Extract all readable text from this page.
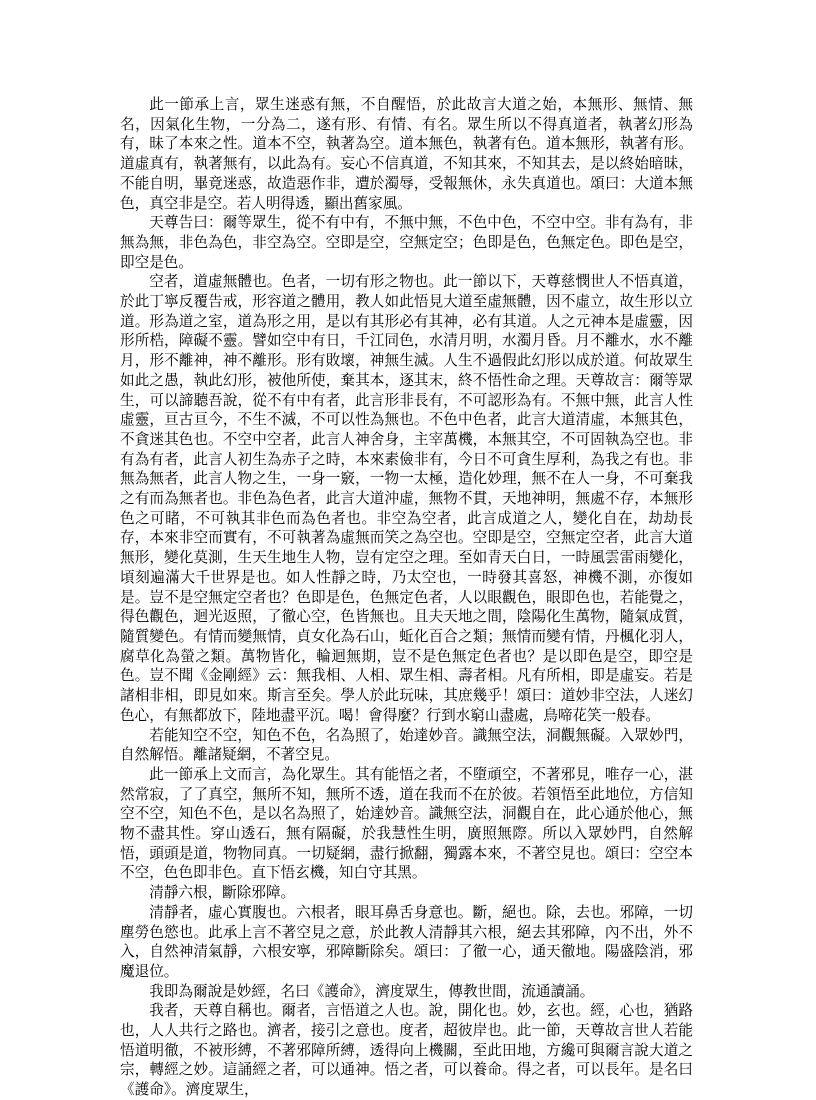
此一節承上言，眾生迷惑有無，不自醒悟，於此故言大道之始，本無形、無情、無名，因氣化生物，一分為二，遂有形、有情、有名。眾生所以不得真道者，執著幻形為有，昧了本來之性。道本不空，執著為空。道本無色，執著有色。道本無形，執著有形。道虛真有，執著無有，以此為有。妄心不信真道，不知其來，不知其去，是以終始暗昧，不能自明，畢竟迷惑，故造惡作非，遭於濁辱，受報無休，永失真道也。頌曰：大道本無色，真空非是空。若人明得透，顯出舊家風。

天尊告曰：爾等眾生，從不有中有，不無中無，不色中色，不空中空。非有為有，非無為無，非色為色，非空為空。空即是空，空無定空；色即是色，色無定色。即色是空，即空是色。

空者，道虛無體也。色者，一切有形之物也。此一節以下，天尊慈憫世人不悟真道，於此丁寧反覆告戒，形容道之體用，教人如此悟見大道至虛無體，因不虛立，故生形以立道。形為道之室，道為形之用，是以有其形必有其神，必有其道。人之元神本是虛靈，因形所梏，障礙不靈。譬如空中有日，千江同色，水清月明，水濁月昏。月不離水，水不離月，形不離神，神不離形。形有敗壞，神無生滅。人生不過假此幻形以成於道。何故眾生如此之愚，執此幻形，被他所使，棄其本，逐其末，終不悟性命之理。天尊故言：爾等眾生，可以諦聽吾說，從不有中有者，此言形非長有，不可認形為有。不無中無，此言人性虛靈，亘古亘今，不生不滅，不可以性為無也。不色中色者，此言大道清虛，本無其色，不貪迷其色也。不空中空者，此言人神舍身，主宰萬機，本無其空，不可固執為空也。非有為有者，此言人初生為赤子之時，本來素儉非有，今日不可貪生厚利，為我之有也。非無為無者，此言人物之生，一身一竅，一物一太極，造化妙理，無不在人一身，不可棄我之有而為無者也。非色為色者，此言大道沖虛，無物不貫，天地神明，無處不存，本無形色之可睹，不可執其非色而為色者也。非空為空者，此言成道之人，變化自在，劫劫長存，本來非空而實有，不可執著為虛無而笑之為空也。空即是空，空無定空者，此言大道無形，變化莫測，生天生地生人物，豈有定空之理。至如青天白日，一時風雲雷雨變化，頃刻遍滿大千世界是也。如人性靜之時，乃太空也，一時發其喜怒，神機不測，亦復如是。豈不是空無定空者也？色即是色，色無定色者，人以眼觀色，眼即色也，若能覺之，得色觀色，迴光返照，了徹心空，色皆無也。且夫天地之間，陰陽化生萬物，隨氣成質，隨質變色。有情而變無情，貞女化為石山，蚯化百合之類；無情而變有情，丹楓化羽人，腐草化為螢之類。萬物皆化，輪迴無期，豈不是色無定色者也？是以即色是空，即空是色。豈不聞《金剛經》云：無我相、人相、眾生相、壽者相。凡有所相，即是虛妄。若是諸相非相，即見如來。斯言至矣。學人於此玩味，其庶幾乎！頌曰：道妙非空法，人迷幻色心，有無都放下，陸地盡平沉。喝！會得麼？行到水窮山盡處，鳥啼花笑一般春。

若能知空不空，知色不色，名為照了，始達妙音。識無空法，洞觀無礙。入眾妙門，自然解悟。離諸疑網，不著空見。

此一節承上文而言，為化眾生。其有能悟之者，不墮頑空，不著邪見，唯存一心，湛然常寂，了了真空，無所不知，無所不透，道在我而不在於彼。若領悟至此地位，方信知空不空，知色不色，是以名為照了，始達妙音。識無空法，洞觀自在，此心通於他心，無物不盡其性。穿山透石，無有隔礙，於我慧性生明，廣照無際。所以入眾妙門，自然解悟，頭頭是道，物物同真。一切疑網，盡行掀翻，獨露本來，不著空見也。頌曰：空空本不空，色色即非色。直下悟玄機，知白守其黑。

清靜六根，斷除邪障。

清靜者，虛心實腹也。六根者，眼耳鼻舌身意也。斷，絕也。除，去也。邪障，一切塵勞色慾也。此承上言不著空見之意，於此教人清靜其六根，絕去其邪障，內不出，外不入，自然神清氣靜，六根安寧，邪障斷除矣。頌曰：了徹一心，通天徹地。陽盛陰消，邪魔退位。

我即為爾說是妙經，名曰《護命》，濟度眾生，傳教世間，流通讀誦。

我者，天尊自稱也。爾者，言悟道之人也。說，開化也。妙，玄也。經，心也，猶路也，人人共行之路也。濟者，接引之意也。度者，超彼岸也。此一節，天尊故言世人若能悟道明徹，不被形縛，不著邪障所縛，透得向上機關，至此田地，方纔可與爾言說大道之宗，轉經之妙。這誦經之者，可以通神。悟之者，可以養命。得之者，可以長年。是名曰《護命》。濟度眾生，
